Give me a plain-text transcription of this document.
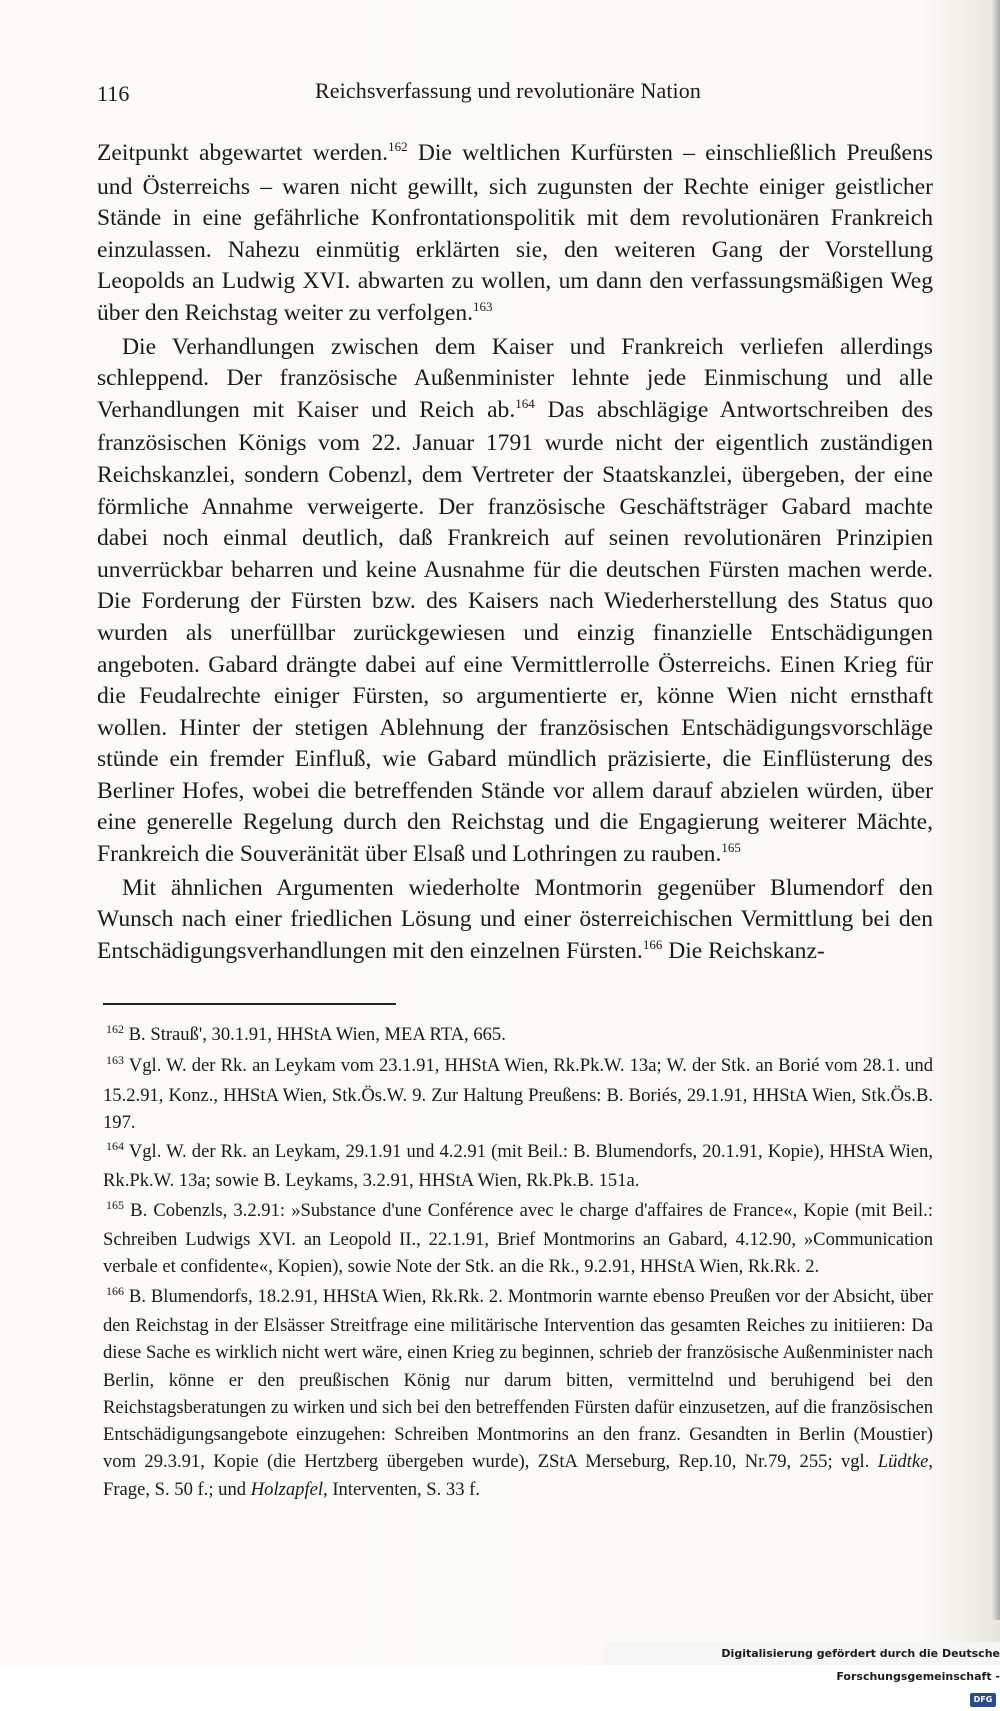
116	Reichsverfassung und revolutionäre Nation

Zeitpunkt abgewartet werden.$^{162}$ Die weltlichen Kurfürsten – einschließlich Preußens und Österreichs – waren nicht gewillt, sich zugunsten der Rechte einiger geistlicher Stände in eine gefährliche Konfrontationspolitik mit dem revolutionären Frankreich einzulassen. Nahezu einmütig erklärten sie, den weiteren Gang der Vorstellung Leopolds an Ludwig XVI. abwarten zu wollen, um dann den verfassungsmäßigen Weg über den Reichstag weiter zu verfolgen.$^{163}$

Die Verhandlungen zwischen dem Kaiser und Frankreich verliefen allerdings schleppend. Der französische Außenminister lehnte jede Einmischung und alle Verhandlungen mit Kaiser und Reich ab.$^{164}$ Das abschlägige Antwortschreiben des französischen Königs vom 22. Januar 1791 wurde nicht der eigentlich zuständigen Reichskanzlei, sondern Cobenzl, dem Vertreter der Staatskanzlei, übergeben, der eine förmliche Annahme verweigerte. Der französische Geschäftsträger Gabard machte dabei noch einmal deutlich, daß Frankreich auf seinen revolutionären Prinzipien unverrückbar beharren und keine Ausnahme für die deutschen Fürsten machen werde. Die Forderung der Fürsten bzw. des Kaisers nach Wiederherstellung des Status quo wurden als unerfüllbar zurückgewiesen und einzig finanzielle Entschädigungen angeboten. Gabard drängte dabei auf eine Vermittlerrolle Österreichs. Einen Krieg für die Feudalrechte einiger Fürsten, so argumentierte er, könne Wien nicht ernsthaft wollen. Hinter der stetigen Ablehnung der französischen Entschädigungsvorschläge stünde ein fremder Einfluß, wie Gabard mündlich präzisierte, die Einflüsterung des Berliner Hofes, wobei die betreffenden Stände vor allem darauf abzielen würden, über eine generelle Regelung durch den Reichstag und die Engagierung weiterer Mächte, Frankreich die Souveränität über Elsaß und Lothringen zu rauben.$^{165}$

Mit ähnlichen Argumenten wiederholte Montmorin gegenüber Blumendorf den Wunsch nach einer friedlichen Lösung und einer österreichischen Vermittlung bei den Entschädigungsverhandlungen mit den einzelnen Fürsten.$^{166}$ Die Reichskanz-

$^{162}$ B. Strauß', 30.1.91, HHStA Wien, MEA RTA, 665.

$^{163}$ Vgl. W. der Rk. an Leykam vom 23.1.91, HHStA Wien, Rk.Pk.W. 13a; W. der Stk. an Borié vom 28.1. und 15.2.91, Konz., HHStA Wien, Stk.Ös.W. 9. Zur Haltung Preußens: B. Boriés, 29.1.91, HHStA Wien, Stk.Ös.B. 197.

$^{164}$ Vgl. W. der Rk. an Leykam, 29.1.91 und 4.2.91 (mit Beil.: B. Blumendorfs, 20.1.91, Kopie), HHStA Wien, Rk.Pk.W. 13a; sowie B. Leykams, 3.2.91, HHStA Wien, Rk.Pk.B. 151a.

$^{165}$ B. Cobenzls, 3.2.91: »Substance d'une Conférence avec le charge d'affaires de France«, Kopie (mit Beil.: Schreiben Ludwigs XVI. an Leopold II., 22.1.91, Brief Montmorins an Gabard, 4.12.90, »Communication verbale et confidente«, Kopien), sowie Note der Stk. an die Rk., 9.2.91, HHStA Wien, Rk.Rk. 2.

$^{166}$ B. Blumendorfs, 18.2.91, HHStA Wien, Rk.Rk. 2. Montmorin warnte ebenso Preußen vor der Absicht, über den Reichstag in der Elsässer Streitfrage eine militärische Intervention das gesamten Reiches zu initiieren: Da diese Sache es wirklich nicht wert wäre, einen Krieg zu beginnen, schrieb der französische Außenminister nach Berlin, könne er den preußischen König nur darum bitten, vermittelnd und beruhigend bei den Reichstagsberatungen zu wirken und sich bei den betreffenden Fürsten dafür einzusetzen, auf die französischen Entschädigungsangebote einzugehen: Schreiben Montmorins an den franz. Gesandten in Berlin (Moustier) vom 29.3.91, Kopie (die Hertzberg übergeben wurde), ZStA Merseburg, Rep.10, Nr.79, 255; vgl. Lüdtke, Frage, S. 50 f.; und Holzapfel, Interventen, S. 33 f.

Digitalisierung gefördert durch die Deutsche Forschungsgemeinschaft -DFG
